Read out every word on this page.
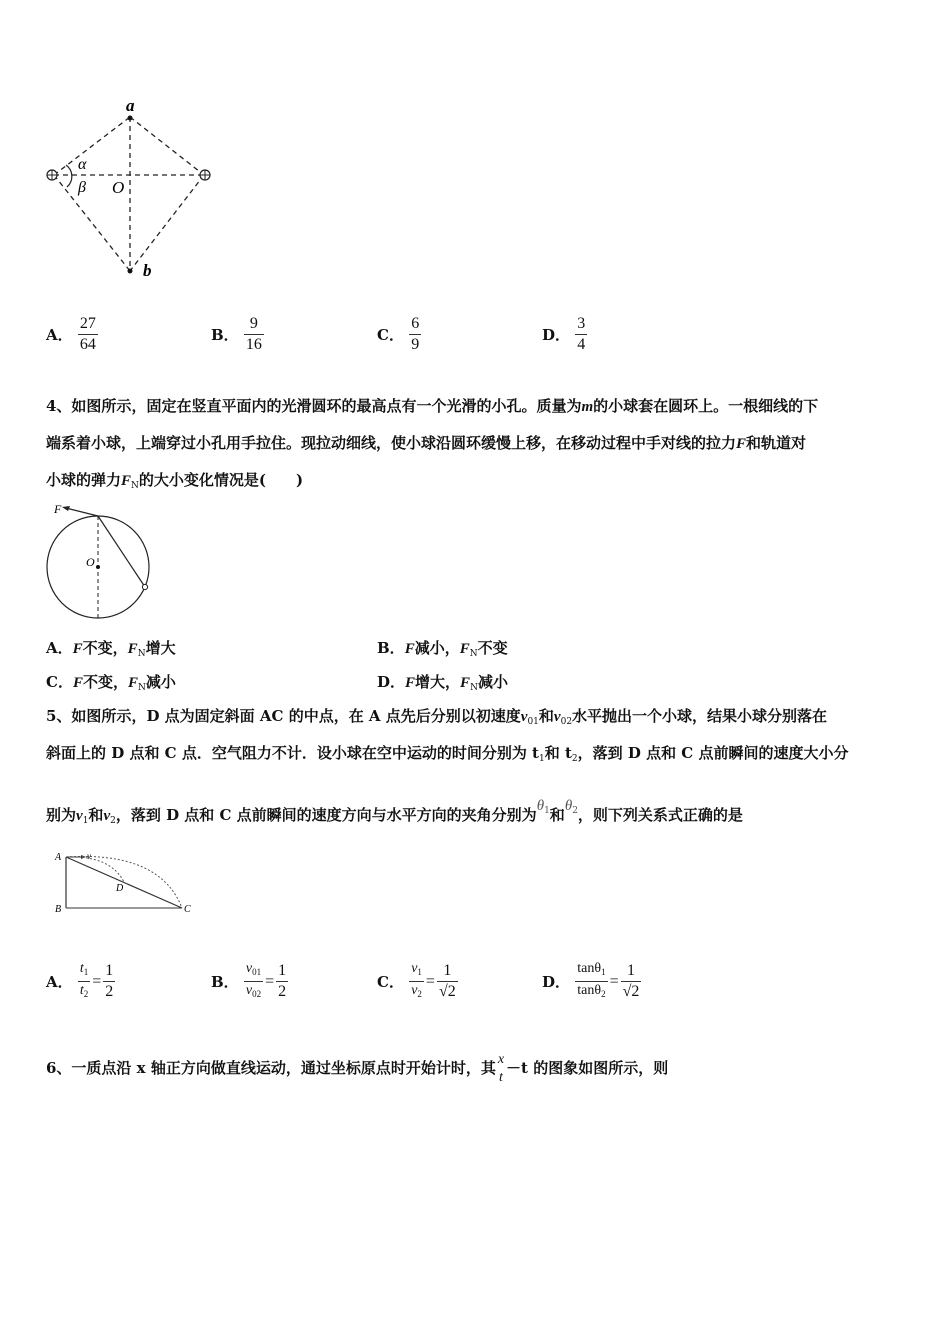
a
b
O
α
β
A． $\frac{27}{64}$	B． $\frac{9}{16}$	C． $\frac{6}{9}$	D． $\frac{3}{4}$
4、如图所示，固定在竖直平面内的光滑圆环的最高点有一个光滑的小孔。质量为m的小球套在圆环上。一根细线的下
端系着小球，上端穿过小孔用手拉住。现拉动细线，使小球沿圆环缓慢上移，在移动过程中手对线的拉力F和轨道对
小球的弹力$F_N$的大小变化情况是(　　)
F
O
A．F不变，$F_N$增大	B．F减小，$F_N$不变
C．F不变，$F_N$减小	D．F增大，$F_N$减小
5、如图所示，D 点为固定斜面 AC 的中点，在 A 点先后分别以初速度$v_{01}$和$v_{02}$水平抛出一个小球，结果小球分别落在
斜面上的 D 点和 C 点．空气阻力不计．设小球在空中运动的时间分别为 $t_1$和 $t_2$，落到 D 点和 C 点前瞬间的速度大小分
别为$v_1$和$v_2$，落到 D 点和 C 点前瞬间的速度方向与水平方向的夹角分别为$\theta^1$和$\theta^2$，则下列关系式正确的是
A	v
D
B	C
A． $\frac{t_1}{t_2} = \frac{1}{2}$	B． $\frac{v_{01}}{v_{02}} = \frac{1}{2}$	C． $\frac{v_1}{v_2} = \frac{1}{√2}$	D． $\frac{\tan\theta_1}{\tan\theta_2} = \frac{1}{√2}$
6、一质点沿 x 轴正方向做直线运动，通过坐标原点时开始计时，其 x
t
－t 的图象如图所示，则
